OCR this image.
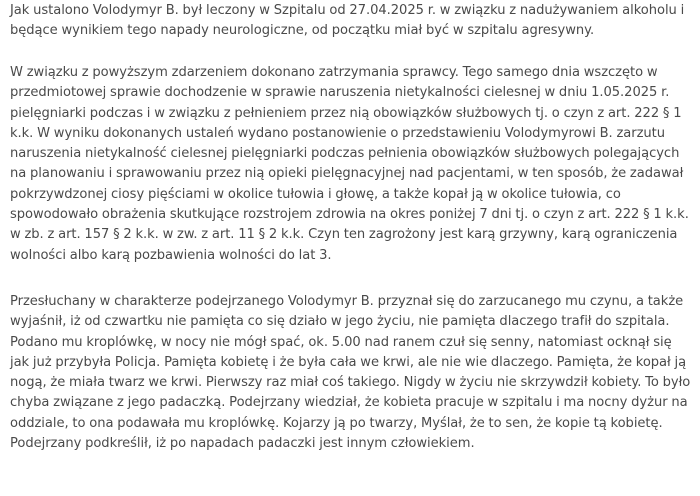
Jak ustalono Volodymyr B. był leczony w Szpitalu od 27.04.2025 r. w związku z nadużywaniem alkoholu i będące wynikiem tego napady neurologiczne, od początku miał być w szpitalu agresywny.

W związku z powyższym zdarzeniem dokonano zatrzymania sprawcy. Tego samego dnia wszczęto w przedmiotowej sprawie dochodzenie w sprawie naruszenia nietykalności cielesnej w dniu 1.05.2025 r. pielęgniarki podczas i w związku z pełnieniem przez nią obowiązków służbowych tj. o czyn z art. 222 § 1 k.k. W wyniku dokonanych ustaleń wydano postanowienie o przedstawieniu Volodymyrowi B. zarzutu naruszenia nietykalność cielesnej pielęgniarki podczas pełnienia obowiązków służbowych polegających na planowaniu i sprawowaniu przez nią opieki pielęgnacyjnej nad pacjentami, w ten sposób, że zadawał pokrzywdzonej ciosy pięściami w okolice tułowia i głowę, a także kopał ją w okolice tułowia, co spowodowało obrażenia skutkujące rozstrojem zdrowia na okres poniżej 7 dni tj. o czyn z art. 222 § 1 k.k. w zb. z art. 157 § 2 k.k. w zw. z art. 11 § 2 k.k. Czyn ten zagrożony jest karą grzywny, karą ograniczenia wolności albo karą pozbawienia wolności do lat 3.

Przesłuchany w charakterze podejrzanego Volodymyr B. przyznał się do zarzucanego mu czynu, a także wyjaśnił, iż od czwartku nie pamięta co się działo w jego życiu, nie pamięta dlaczego trafił do szpitala. Podano mu kroplówkę, w nocy nie mógł spać, ok. 5.00 nad ranem czuł się senny, natomiast ocknął się jak już przybyła Policja. Pamięta kobietę i że była cała we krwi, ale nie wie dlaczego. Pamięta, że kopał ją nogą, że miała twarz we krwi. Pierwszy raz miał coś takiego. Nigdy w życiu nie skrzywdził kobiety. To było chyba związane z jego padaczką. Podejrzany wiedział, że kobieta pracuje w szpitalu i ma nocny dyżur na oddziale, to ona podawała mu kroplówkę. Kojarzy ją po twarzy, Myślał, że to sen, że kopie tą kobietę. Podejrzany podkreślił, iż po napadach padaczki jest innym człowiekiem.
